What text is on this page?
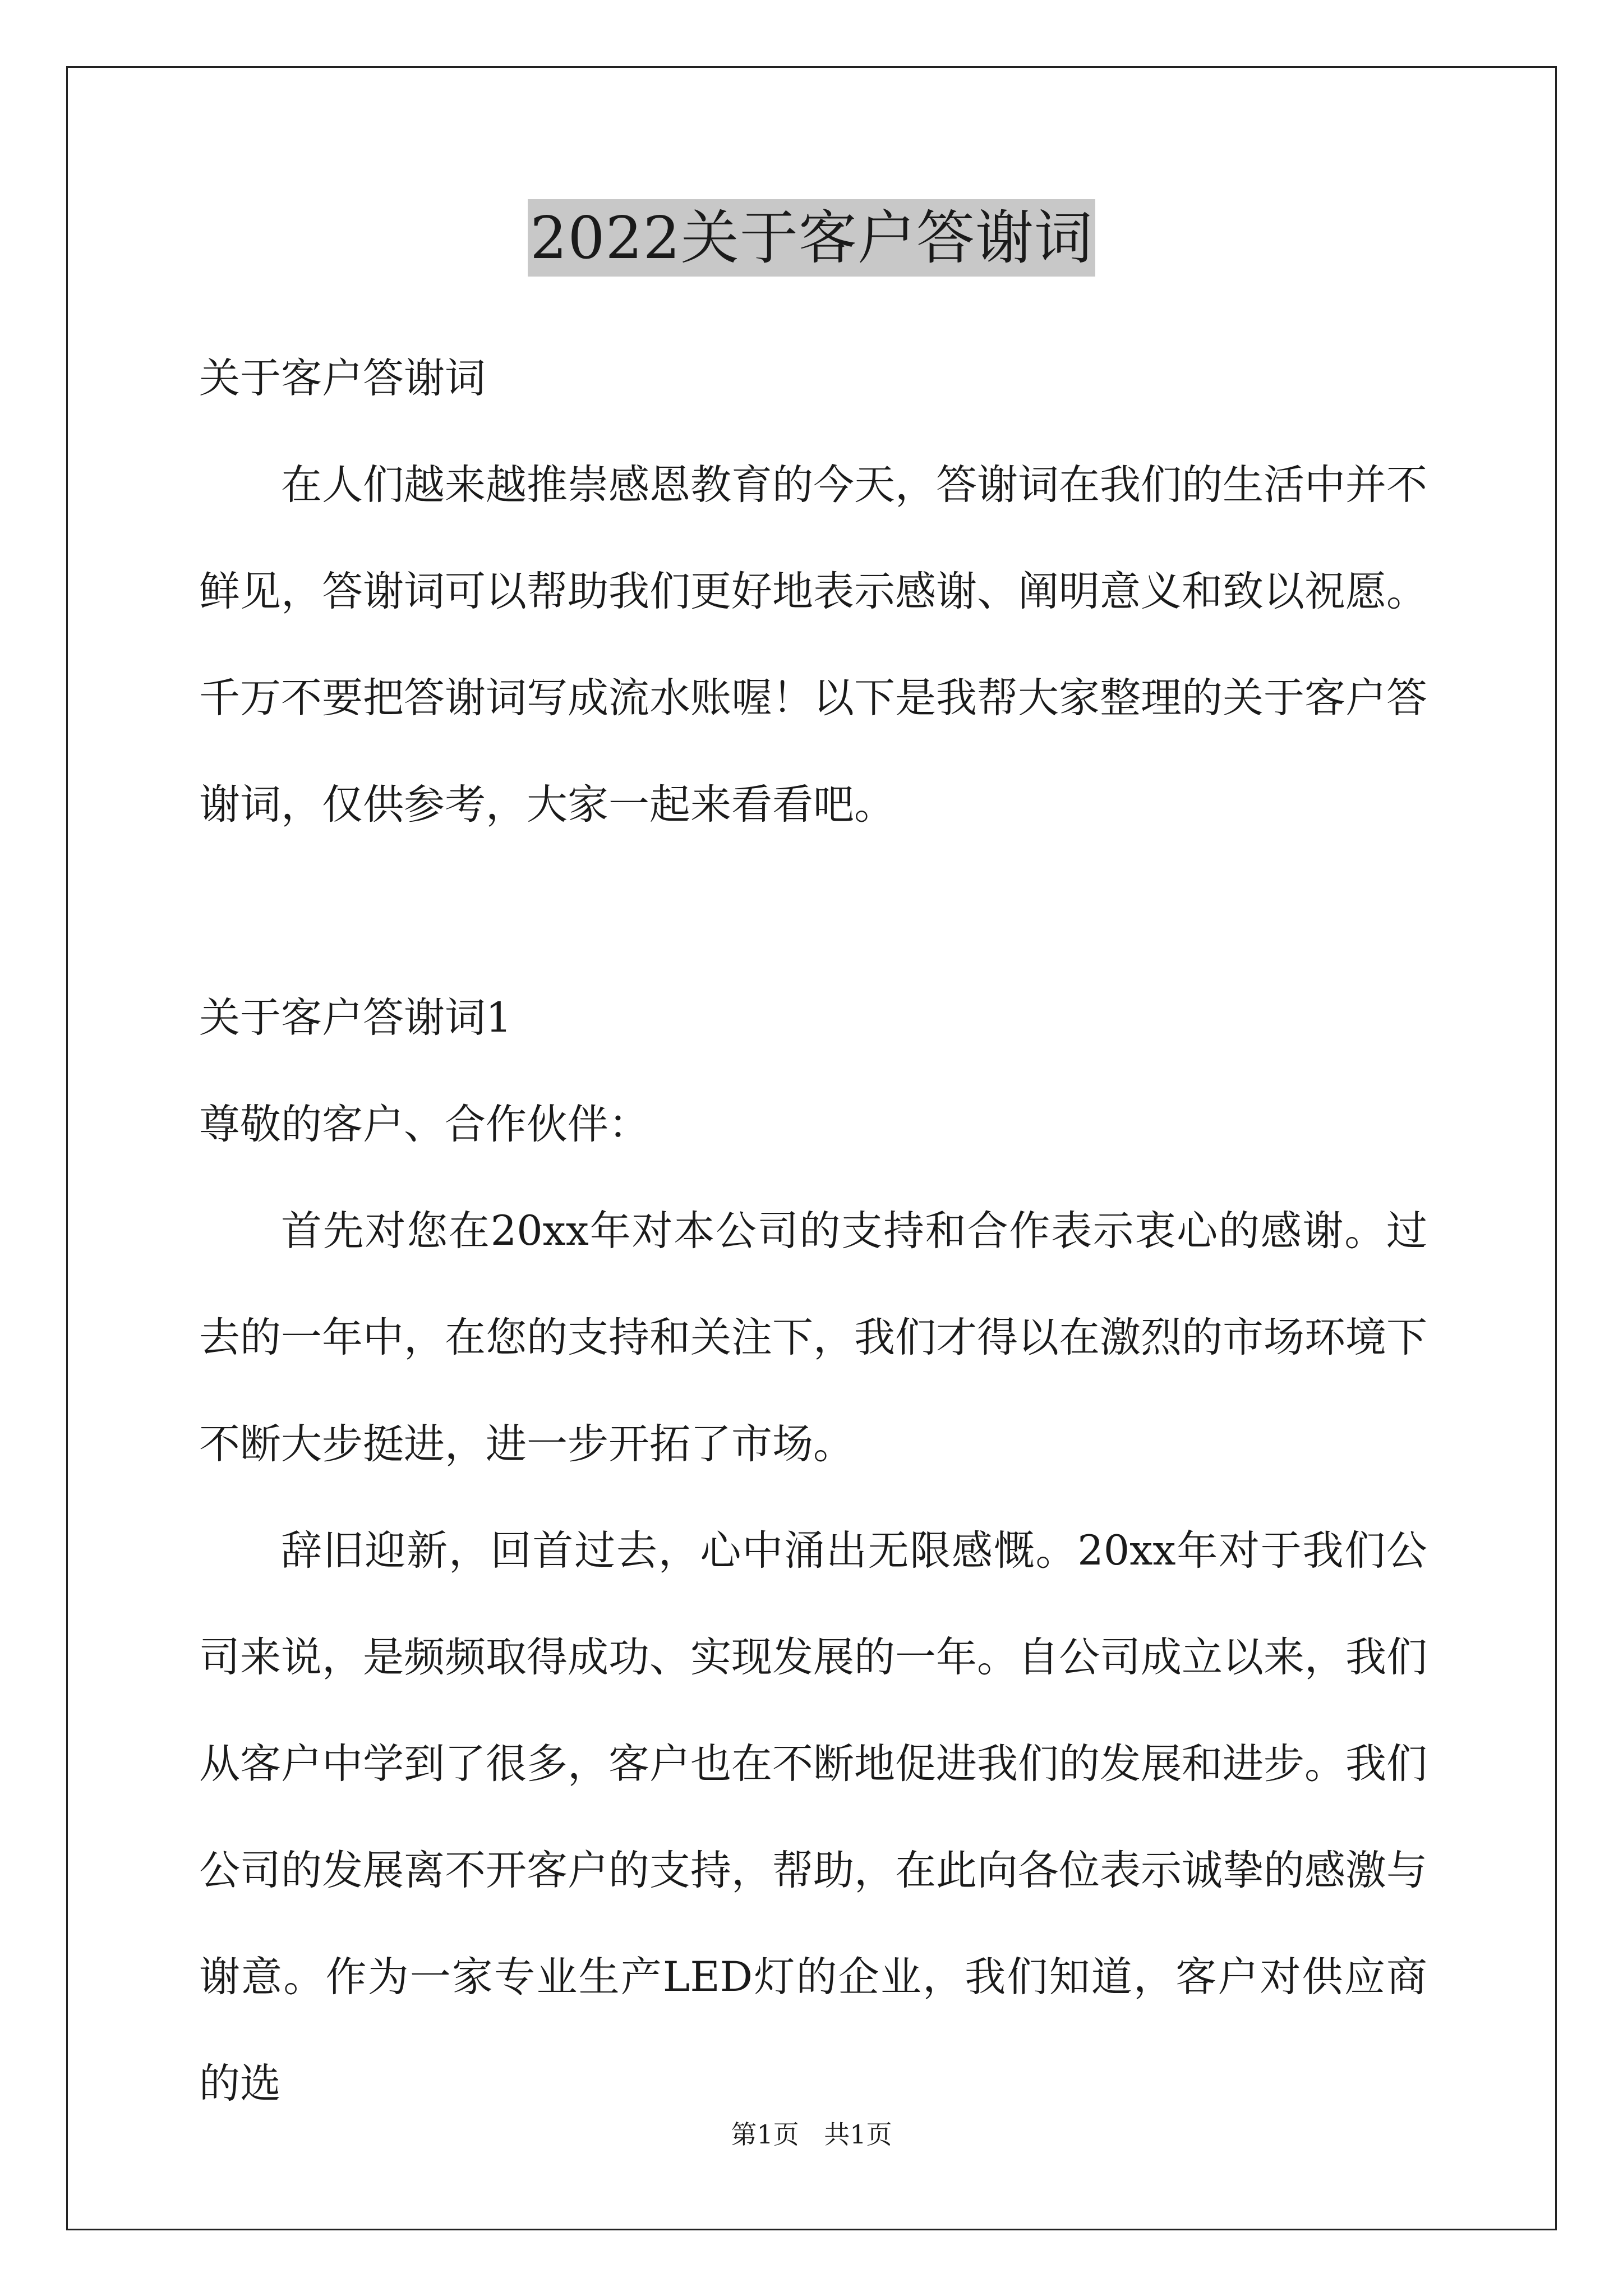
2022关于客户答谢词
关于客户答谢词

在人们越来越推崇感恩教育的今天，答谢词在我们的生活中并不鲜见，答谢词可以帮助我们更好地表示感谢、阐明意义和致以祝愿。千万不要把答谢词写成流水账喔！以下是我帮大家整理的关于客户答谢词，仅供参考，大家一起来看看吧。

关于客户答谢词1
尊敬的客户、合作伙伴：

首先对您在20xx年对本公司的支持和合作表示衷心的感谢。过去的一年中，在您的支持和关注下，我们才得以在激烈的市场环境下不断大步挺进，进一步开拓了市场。

辞旧迎新，回首过去，心中涌出无限感慨。20xx年对于我们公司来说，是频频取得成功、实现发展的一年。自公司成立以来，我们从客户中学到了很多，客户也在不断地促进我们的发展和进步。我们公司的发展离不开客户的支持，帮助，在此向各位表示诚挚的感激与谢意。作为一家专业生产LED灯的企业，我们知道，客户对供应商的选

第1页 共1页
